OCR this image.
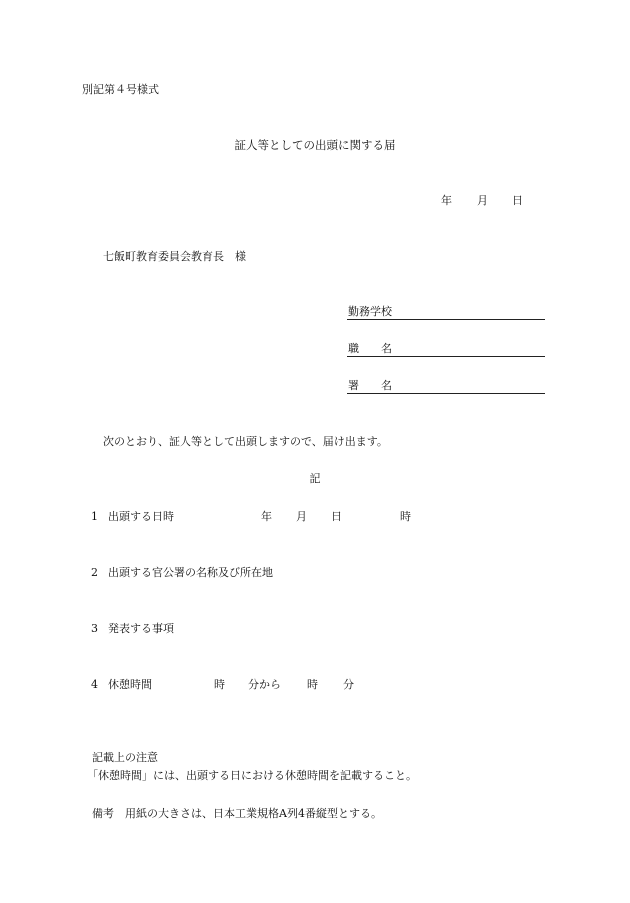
別記第４号様式
証人等としての出頭に関する届
年 月 日
七飯町教育委員会教育長　様
勤務学校
職　　名
署　　名
次のとおり、証人等として出頭しますので、届け出ます。
記
1 出頭する日時	年 月 日	時
2 出頭する官公署の名称及び所在地
3 発表する事項
4 休憩時間	時 分から 時 分
記載上の注意
「休憩時間」には、出頭する日における休憩時間を記載すること。
備考　用紙の大きさは、日本工業規格A列4番縦型とする。
